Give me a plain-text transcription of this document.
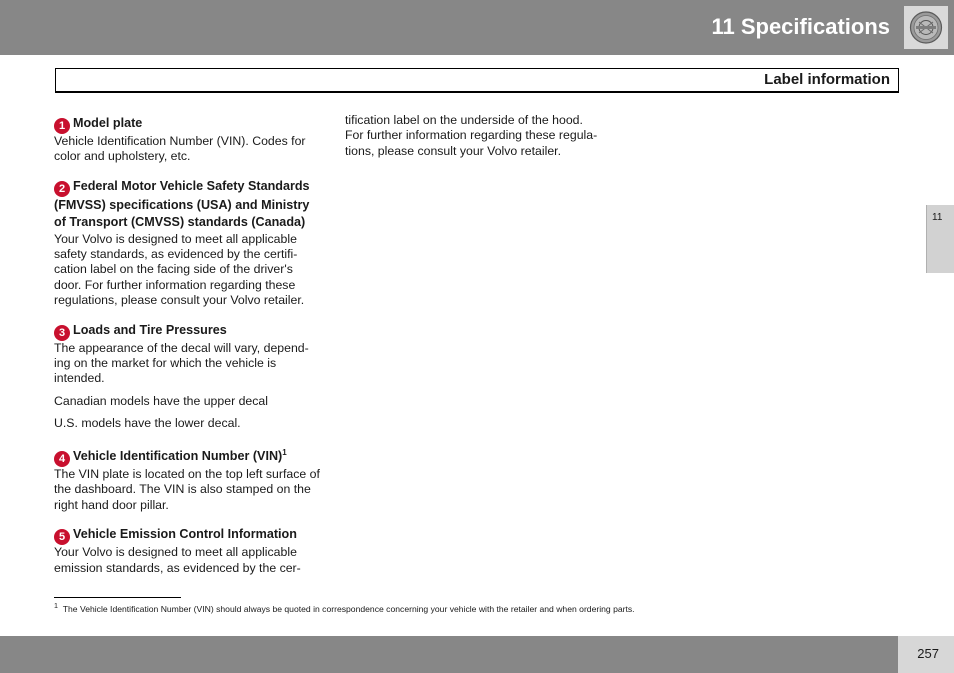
11 Specifications
Label information
1 Model plate

Vehicle Identification Number (VIN). Codes for color and upholstery, etc.

2 Federal Motor Vehicle Safety Standards (FMVSS) specifications (USA) and Ministry of Transport (CMVSS) standards (Canada)

Your Volvo is designed to meet all applicable safety standards, as evidenced by the certifi-cation label on the facing side of the driver's door. For further information regarding these regulations, please consult your Volvo retailer.

3 Loads and Tire Pressures

The appearance of the decal will vary, depend-ing on the market for which the vehicle is intended.

Canadian models have the upper decal

U.S. models have the lower decal.

4 Vehicle Identification Number (VIN)$^1$

The VIN plate is located on the top left surface of the dashboard. The VIN is also stamped on the right hand door pillar.

5 Vehicle Emission Control Information

Your Volvo is designed to meet all applicable emission standards, as evidenced by the cer-

tification label on the underside of the hood.

For further information regarding these regula-

tions, please consult your Volvo retailer.

$^1$ The Vehicle Identification Number (VIN) should always be quoted in correspondence concerning your vehicle with the retailer and when ordering parts.
11
257
